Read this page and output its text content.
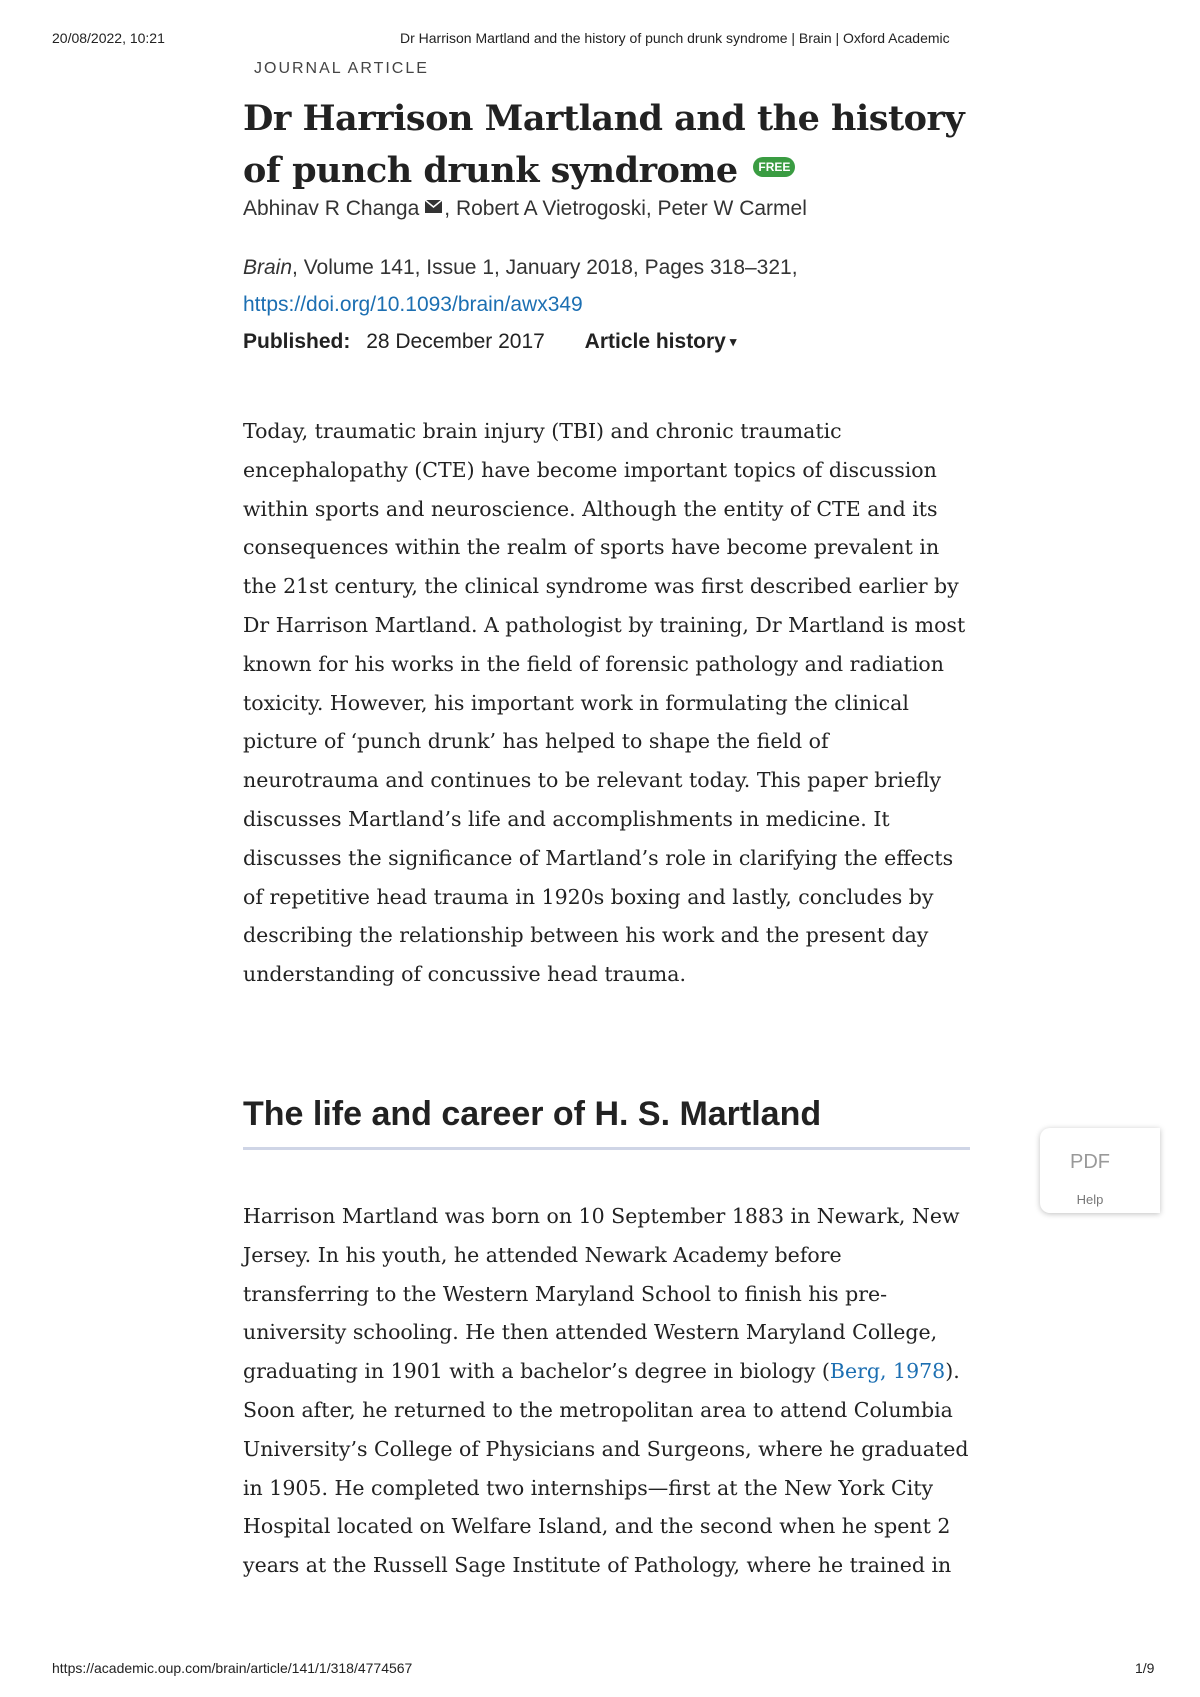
20/08/2022, 10:21	Dr Harrison Martland and the history of punch drunk syndrome | Brain | Oxford Academic
JOURNAL ARTICLE
Dr Harrison Martland and the history of punch drunk syndrome FREE
Abhinav R Changa , Robert A Vietrogoski, Peter W Carmel
Brain, Volume 141, Issue 1, January 2018, Pages 318–321,
https://doi.org/10.1093/brain/awx349
Published: 28 December 2017 Article history ▾

Today, traumatic brain injury (TBI) and chronic traumatic encephalopathy (CTE) have become important topics of discussion within sports and neuroscience. Although the entity of CTE and its consequences within the realm of sports have become prevalent in the 21st century, the clinical syndrome was first described earlier by Dr Harrison Martland. A pathologist by training, Dr Martland is most known for his works in the field of forensic pathology and radiation toxicity. However, his important work in formulating the clinical picture of ‘punch drunk’ has helped to shape the field of neurotrauma and continues to be relevant today. This paper briefly discusses Martland’s life and accomplishments in medicine. It discusses the significance of Martland’s role in clarifying the effects of repetitive head trauma in 1920s boxing and lastly, concludes by describing the relationship between his work and the present day understanding of concussive head trauma.

The life and career of H. S. Martland

Harrison Martland was born on 10 September 1883 in Newark, New Jersey. In his youth, he attended Newark Academy before transferring to the Western Maryland School to finish his pre-university schooling. He then attended Western Maryland College, graduating in 1901 with a bachelor’s degree in biology (Berg, 1978). Soon after, he returned to the metropolitan area to attend Columbia University’s College of Physicians and Surgeons, where he graduated in 1905. He completed two internships—first at the New York City Hospital located on Welfare Island, and the second when he spent 2 years at the Russell Sage Institute of Pathology, where he trained in

PDF
Help
https://academic.oup.com/brain/article/141/1/318/4774567	1/9
